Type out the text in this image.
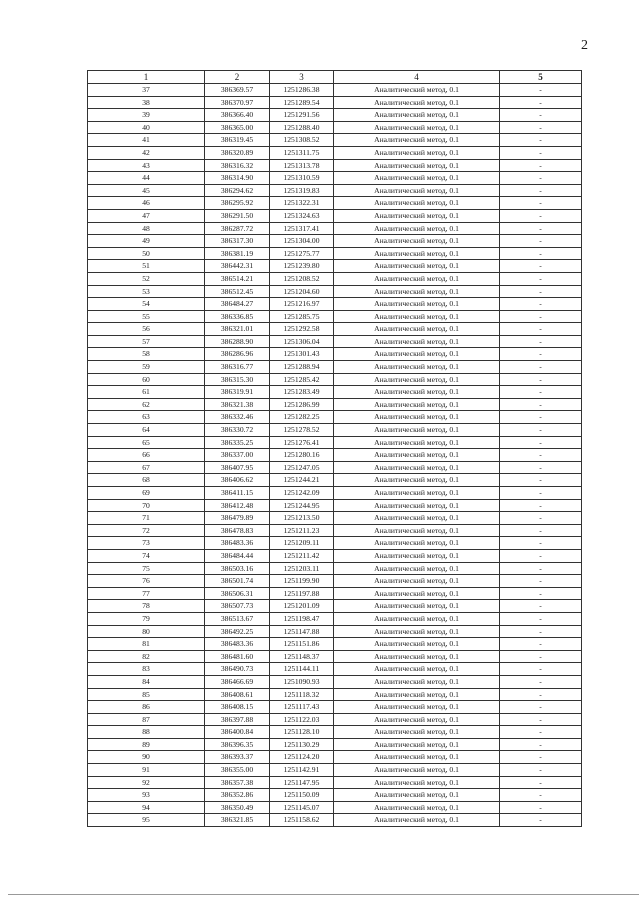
2
1	2	3	4	5
37	386369.57	1251286.38	Аналитический метод, 0.1	-
38	386370.97	1251289.54	Аналитический метод, 0.1	-
39	386366.40	1251291.56	Аналитический метод, 0.1	-
40	386365.00	1251288.40	Аналитический метод, 0.1	-
41	386319.45	1251308.52	Аналитический метод, 0.1	-
42	386320.89	1251311.75	Аналитический метод, 0.1	-
43	386316.32	1251313.78	Аналитический метод, 0.1	-
44	386314.90	1251310.59	Аналитический метод, 0.1	-
45	386294.62	1251319.83	Аналитический метод, 0.1	-
46	386295.92	1251322.31	Аналитический метод, 0.1	-
47	386291.50	1251324.63	Аналитический метод, 0.1	-
48	386287.72	1251317.41	Аналитический метод, 0.1	-
49	386317.30	1251304.00	Аналитический метод, 0.1	-
50	386381.19	1251275.77	Аналитический метод, 0.1	-
51	386442.31	1251239.80	Аналитический метод, 0.1	-
52	386514.21	1251208.52	Аналитический метод, 0.1	-
53	386512.45	1251204.60	Аналитический метод, 0.1	-
54	386484.27	1251216.97	Аналитический метод, 0.1	-
55	386336.85	1251285.75	Аналитический метод, 0.1	-
56	386321.01	1251292.58	Аналитический метод, 0.1	-
57	386288.90	1251306.04	Аналитический метод, 0.1	-
58	386286.96	1251301.43	Аналитический метод, 0.1	-
59	386316.77	1251288.94	Аналитический метод, 0.1	-
60	386315.30	1251285.42	Аналитический метод, 0.1	-
61	386319.91	1251283.49	Аналитический метод, 0.1	-
62	386321.38	1251286.99	Аналитический метод, 0.1	-
63	386332.46	1251282.25	Аналитический метод, 0.1	-
64	386330.72	1251278.52	Аналитический метод, 0.1	-
65	386335.25	1251276.41	Аналитический метод, 0.1	-
66	386337.00	1251280.16	Аналитический метод, 0.1	-
67	386407.95	1251247.05	Аналитический метод, 0.1	-
68	386406.62	1251244.21	Аналитический метод, 0.1	-
69	386411.15	1251242.09	Аналитический метод, 0.1	-
70	386412.48	1251244.95	Аналитический метод, 0.1	-
71	386479.89	1251213.50	Аналитический метод, 0.1	-
72	386478.83	1251211.23	Аналитический метод, 0.1	-
73	386483.36	1251209.11	Аналитический метод, 0.1	-
74	386484.44	1251211.42	Аналитический метод, 0.1	-
75	386503.16	1251203.11	Аналитический метод, 0.1	-
76	386501.74	1251199.90	Аналитический метод, 0.1	-
77	386506.31	1251197.88	Аналитический метод, 0.1	-
78	386507.73	1251201.09	Аналитический метод, 0.1	-
79	386513.67	1251198.47	Аналитический метод, 0.1	-
80	386492.25	1251147.88	Аналитический метод, 0.1	-
81	386483.36	1251151.86	Аналитический метод, 0.1	-
82	386481.60	1251148.37	Аналитический метод, 0.1	-
83	386490.73	1251144.11	Аналитический метод, 0.1	-
84	386466.69	1251090.93	Аналитический метод, 0.1	-
85	386408.61	1251118.32	Аналитический метод, 0.1	-
86	386408.15	1251117.43	Аналитический метод, 0.1	-
87	386397.88	1251122.03	Аналитический метод, 0.1	-
88	386400.84	1251128.10	Аналитический метод, 0.1	-
89	386396.35	1251130.29	Аналитический метод, 0.1	-
90	386393.37	1251124.20	Аналитический метод, 0.1	-
91	386355.00	1251142.91	Аналитический метод, 0.1	-
92	386357.38	1251147.95	Аналитический метод, 0.1	-
93	386352.86	1251150.09	Аналитический метод, 0.1	-
94	386350.49	1251145.07	Аналитический метод, 0.1	-
95	386321.85	1251158.62	Аналитический метод, 0.1	-
